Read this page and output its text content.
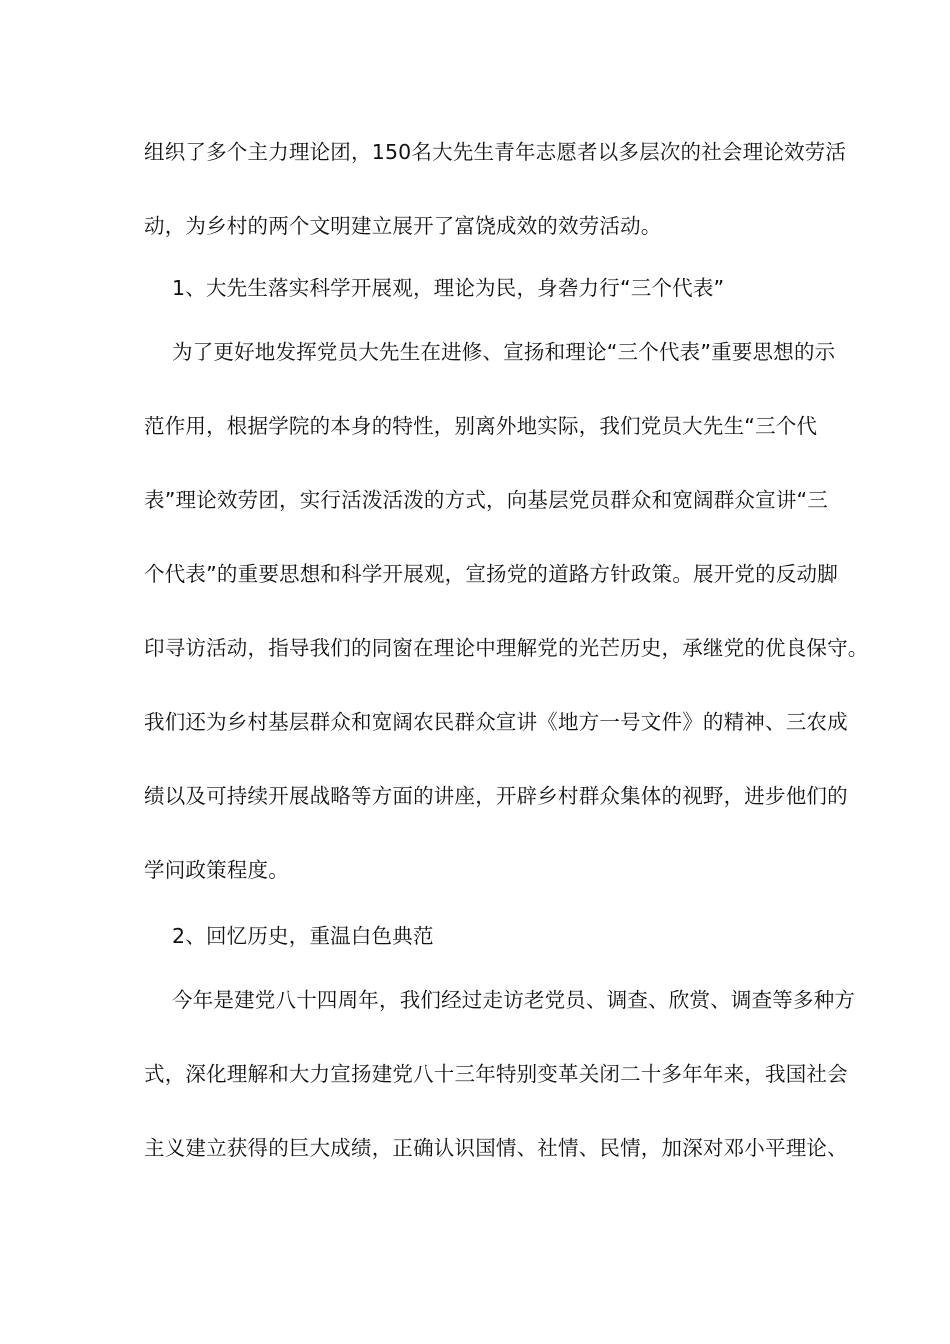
组织了多个主力理论团，150名大先生青年志愿者以多层次的社会理论效劳活
动，为乡村的两个文明建立展开了富饶成效的效劳活动。
1、大先生落实科学开展观，理论为民，身砻力行“三个代表”
为了更好地发挥党员大先生在进修、宣扬和理论“三个代表”重要思想的示
范作用，根据学院的本身的特性，别离外地实际，我们党员大先生“三个代
表”理论效劳团，实行活泼活泼的方式，向基层党员群众和宽阔群众宣讲“三
个代表”的重要思想和科学开展观，宣扬党的道路方针政策。展开党的反动脚
印寻访活动，指导我们的同窗在理论中理解党的光芒历史，承继党的优良保守。
我们还为乡村基层群众和宽阔农民群众宣讲《地方一号文件》的精神、三农成
绩以及可持续开展战略等方面的讲座，开辟乡村群众集体的视野，进步他们的
学问政策程度。
2、回忆历史，重温白色典范
今年是建党八十四周年，我们经过走访老党员、调查、欣赏、调查等多种方
式，深化理解和大力宣扬建党八十三年特别变革关闭二十多年年来，我国社会
主义建立获得的巨大成绩，正确认识国情、社情、民情，加深对邓小平理论、
